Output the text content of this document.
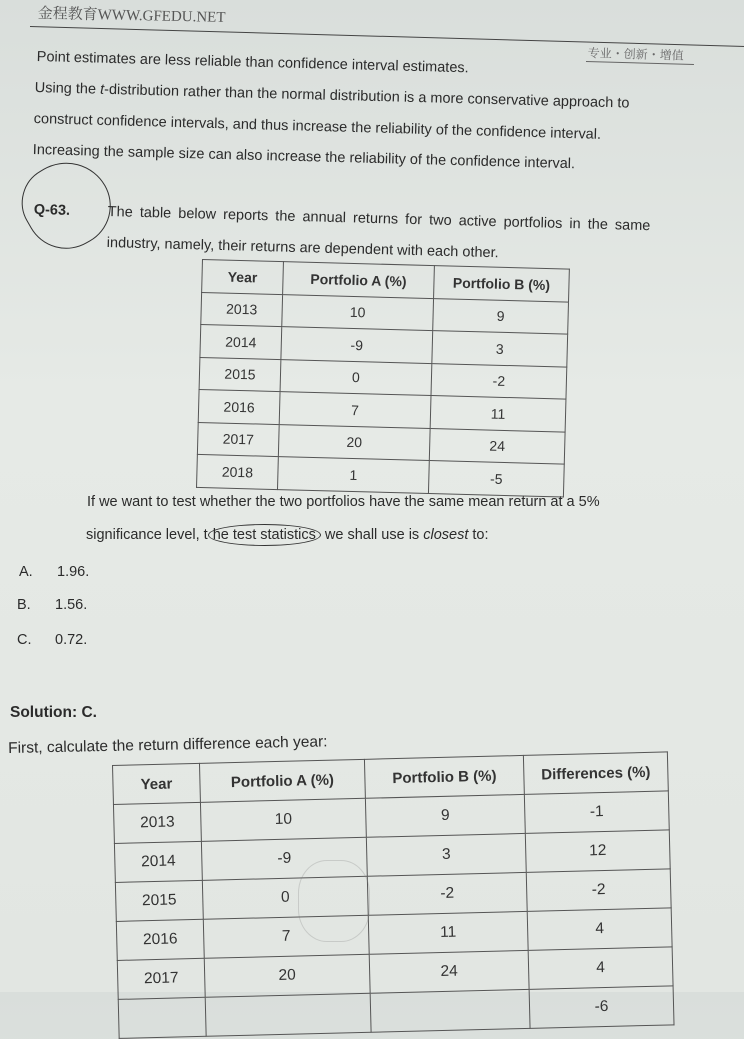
金程教育WWW.GFEDU.NET
专业・创新・增值
Point estimates are less reliable than confidence interval estimates.
Using the t-distribution rather than the normal distribution is a more conservative approach to
construct confidence intervals, and thus increase the reliability of the confidence interval.
Increasing the sample size can also increase the reliability of the confidence interval.
Q-63.	The table below reports the annual returns for two active portfolios in the same
industry, namely, their returns are dependent with each other.
Year	Portfolio A (%)	Portfolio B (%)
2013	10	9
2014	-9	3
2015	0	-2
2016	7	11
2017	20	24
2018	1	-5
If we want to test whether the two portfolios have the same mean return at a 5%
significance level, t he test statistics we shall use is closest to:
A. 1.96.
B. 1.56.
C. 0.72.
Solution: C.
First, calculate the return difference each year:
Year	Portfolio A (%)	Portfolio B (%)	Differences (%)
2013	10	9	-1
2014	-9	3	12
2015	0	-2	-2
2016	7	11	4
2017	20	24	4
			-6
